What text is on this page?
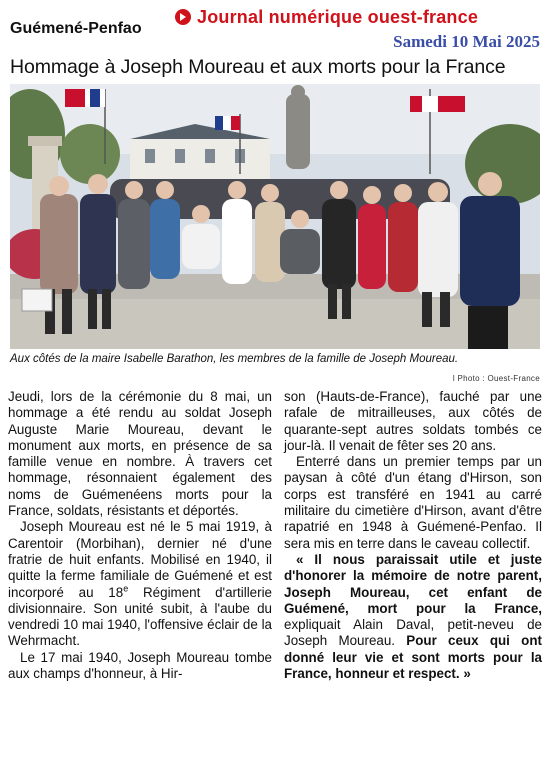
Guémené-Penfao
Journal numérique ouest-france
Samedi 10 Mai 2025
Hommage à Joseph Moureau et aux morts pour la France
Aux côtés de la maire Isabelle Barathon, les membres de la famille de Joseph Moureau.
l Photo : Ouest-France

Jeudi, lors de la cérémonie du 8 mai, un hommage a été rendu au soldat Joseph Auguste Marie Moureau, devant le monument aux morts, en présence de sa famille venue en nombre. À travers cet hommage, résonnaient également des noms de Guémenéens morts pour la France, soldats, résistants et déportés.

Joseph Moureau est né le 5 mai 1919, à Carentoir (Morbihan), dernier né d'une fratrie de huit enfants. Mobilisé en 1940, il quitte la ferme familiale de Guémené et est incorporé au 18e Régiment d'artillerie divisionnaire. Son unité subit, à l'aube du vendredi 10 mai 1940, l'offensive éclair de la Wehrmacht.

Le 17 mai 1940, Joseph Moureau tombe aux champs d'honneur, à Hir-

son (Hauts-de-France), fauché par une rafale de mitrailleuses, aux côtés de quarante-sept autres soldats tombés ce jour-là. Il venait de fêter ses 20 ans.

Enterré dans un premier temps par un paysan à côté d'un étang d'Hirson, son corps est transféré en 1941 au carré militaire du cimetière d'Hirson, avant d'être rapatrié en 1948 à Guémené-Penfao. Il sera mis en terre dans le caveau collectif.

« Il nous paraissait utile et juste d'honorer la mémoire de notre parent, Joseph Moureau, cet enfant de Guémené, mort pour la France, expliquait Alain Daval, petit-neveu de Joseph Moureau. Pour ceux qui ont donné leur vie et sont morts pour la France, honneur et respect. »
